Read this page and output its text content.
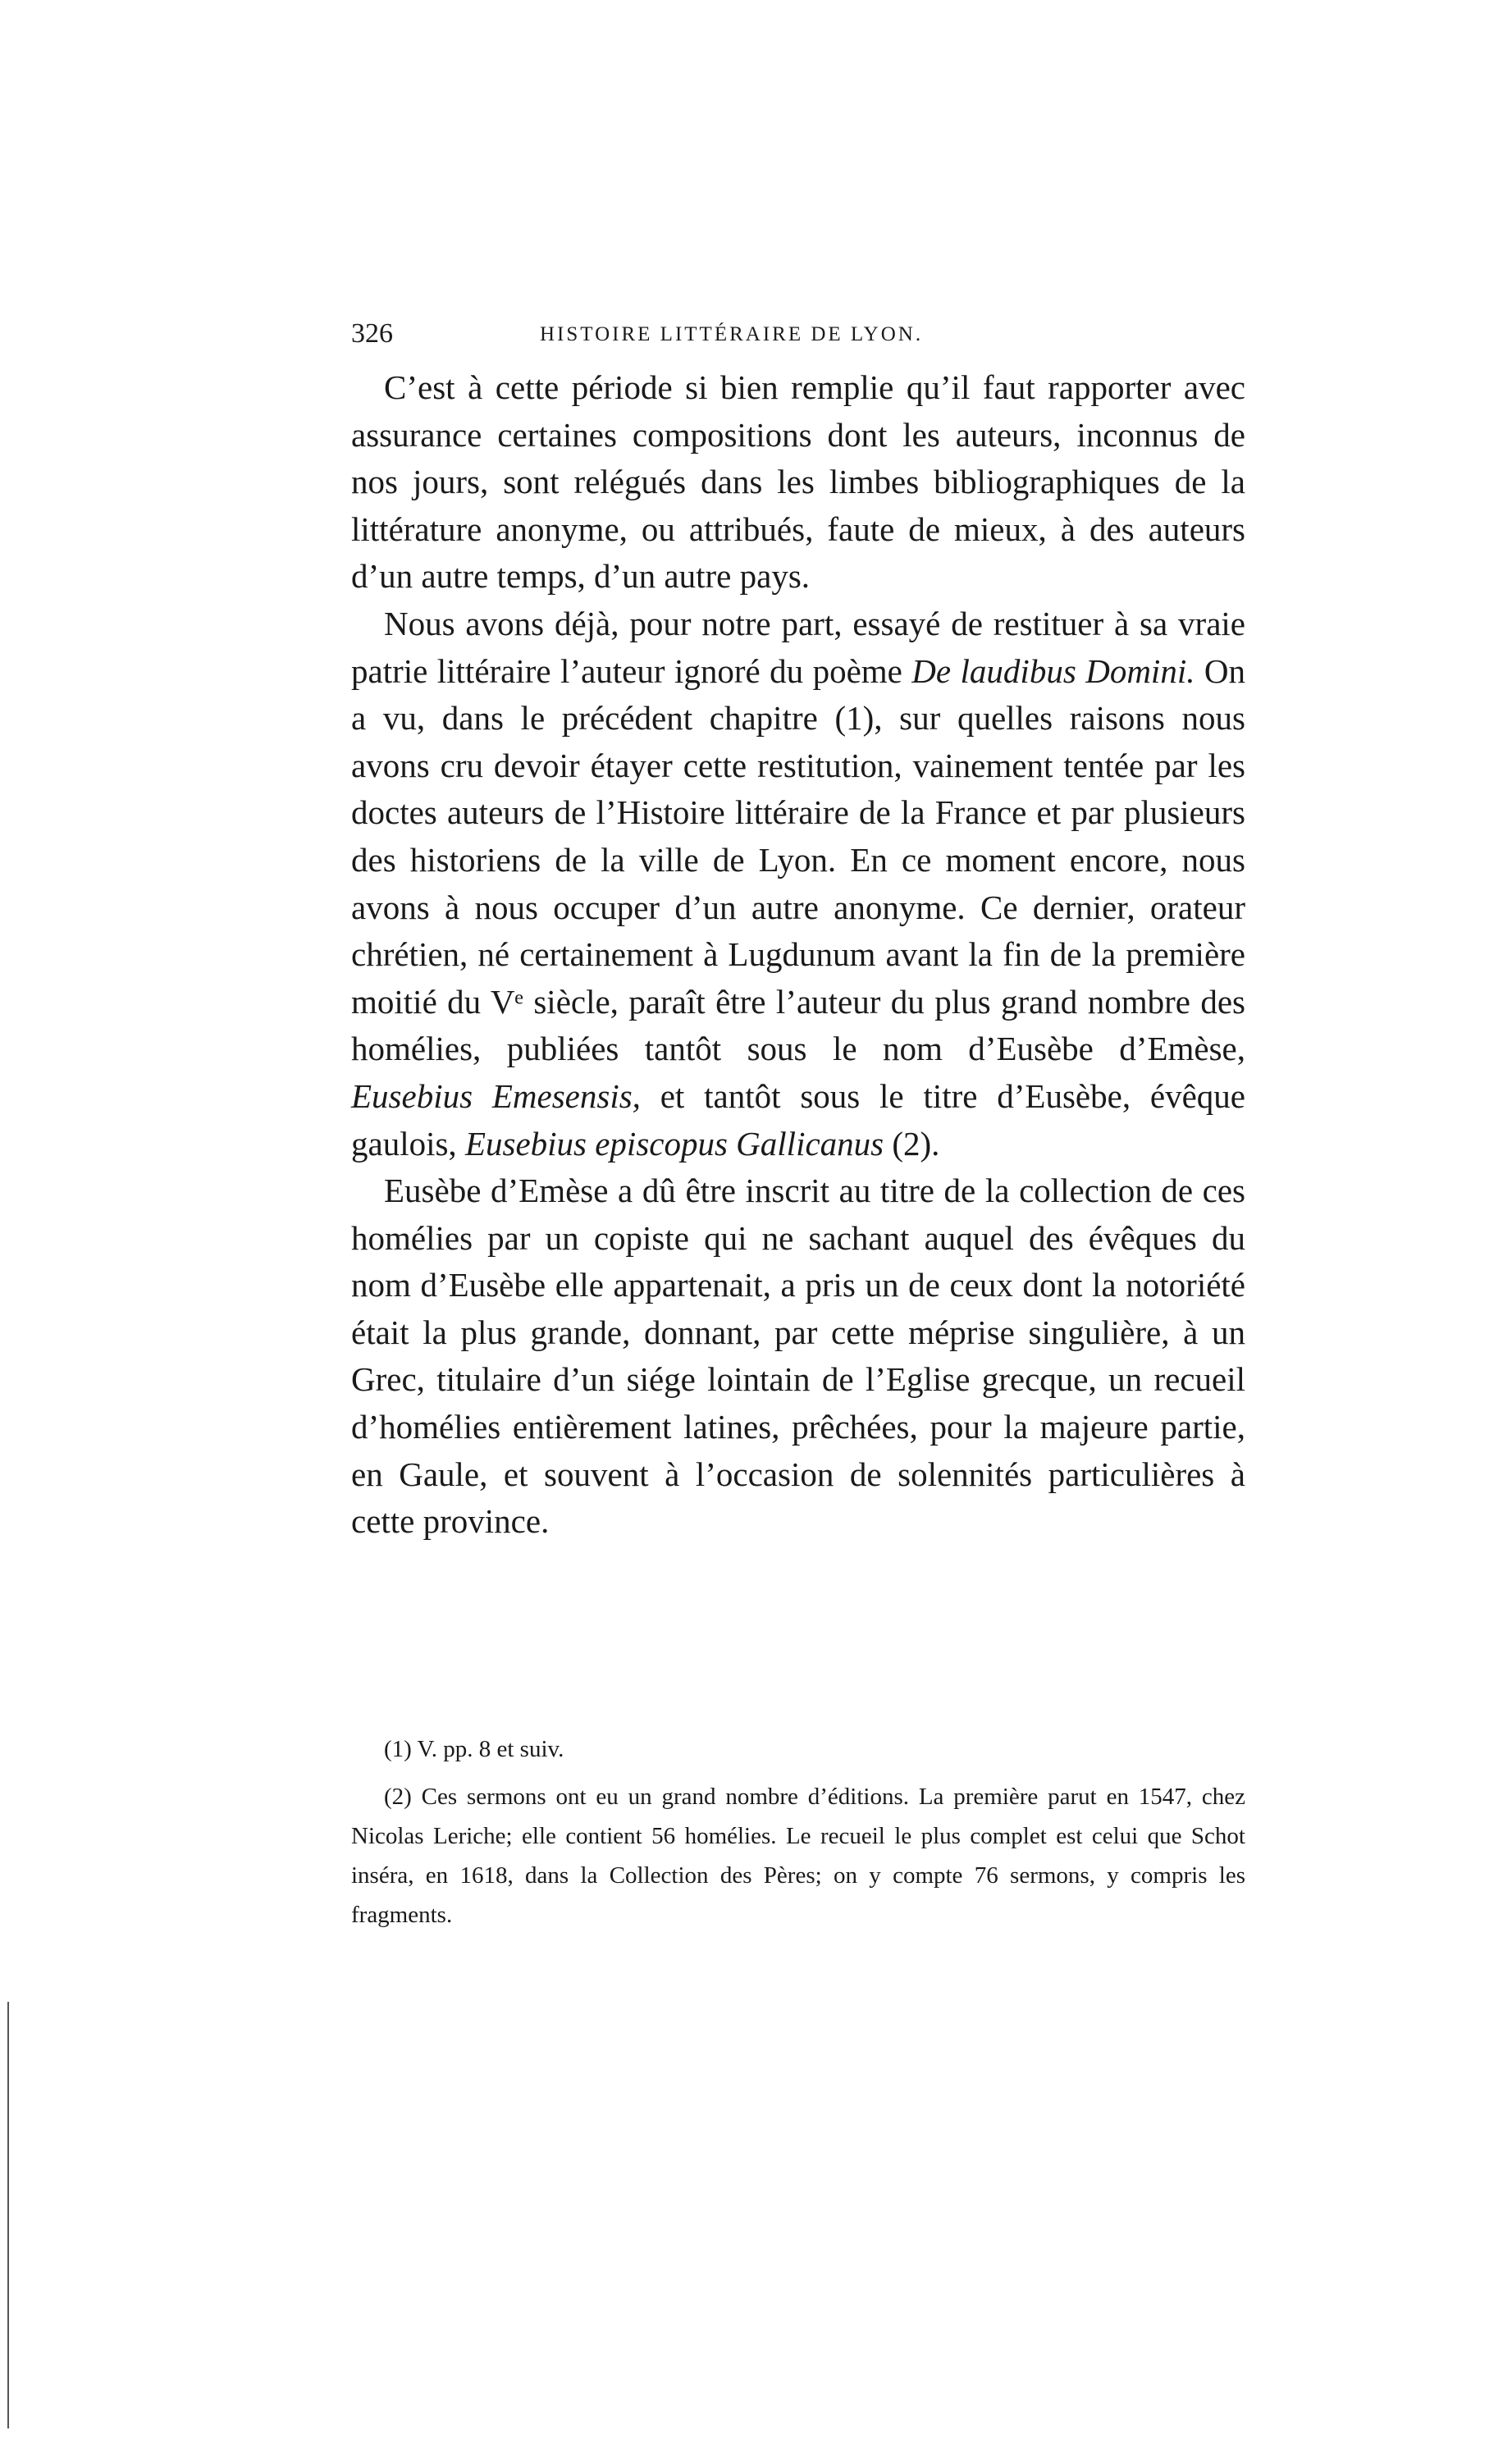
326	HISTOIRE LITTÉRAIRE DE LYON.

C’est à cette période si bien remplie qu’il faut rapporter avec assurance certaines compositions dont les auteurs, inconnus de nos jours, sont relégués dans les limbes bibliographiques de la littérature anonyme, ou attribués, faute de mieux, à des auteurs d’un autre temps, d’un autre pays.

Nous avons déjà, pour notre part, essayé de restituer à sa vraie patrie littéraire l’auteur ignoré du poème De laudibus Domini. On a vu, dans le précédent chapitre (1), sur quelles raisons nous avons cru devoir étayer cette restitution, vainement tentée par les doctes auteurs de l’Histoire littéraire de la France et par plusieurs des historiens de la ville de Lyon. En ce moment encore, nous avons à nous occuper d’un autre anonyme. Ce dernier, orateur chrétien, né certainement à Lugdunum avant la fin de la première moitié du Vᵉ siècle, paraît être l’auteur du plus grand nombre des homélies, publiées tantôt sous le nom d’Eusèbe d’Emèse, Eusebius Emesensis, et tantôt sous le titre d’Eusèbe, évêque gaulois, Eusebius episcopus Gallicanus (2).

Eusèbe d’Emèse a dû être inscrit au titre de la collection de ces homélies par un copiste qui ne sachant auquel des évêques du nom d’Eusèbe elle appartenait, a pris un de ceux dont la notoriété était la plus grande, donnant, par cette méprise singulière, à un Grec, titulaire d’un siége lointain de l’Eglise grecque, un recueil d’homélies entièrement latines, prêchées, pour la majeure partie, en Gaule, et souvent à l’occasion de solennités particulières à cette province.

(1) V. pp. 8 et suiv.

(2) Ces sermons ont eu un grand nombre d’éditions. La première parut en 1547, chez Nicolas Leriche; elle contient 56 homélies. Le recueil le plus complet est celui que Schot inséra, en 1618, dans la Collection des Pères; on y compte 76 sermons, y compris les fragments.
